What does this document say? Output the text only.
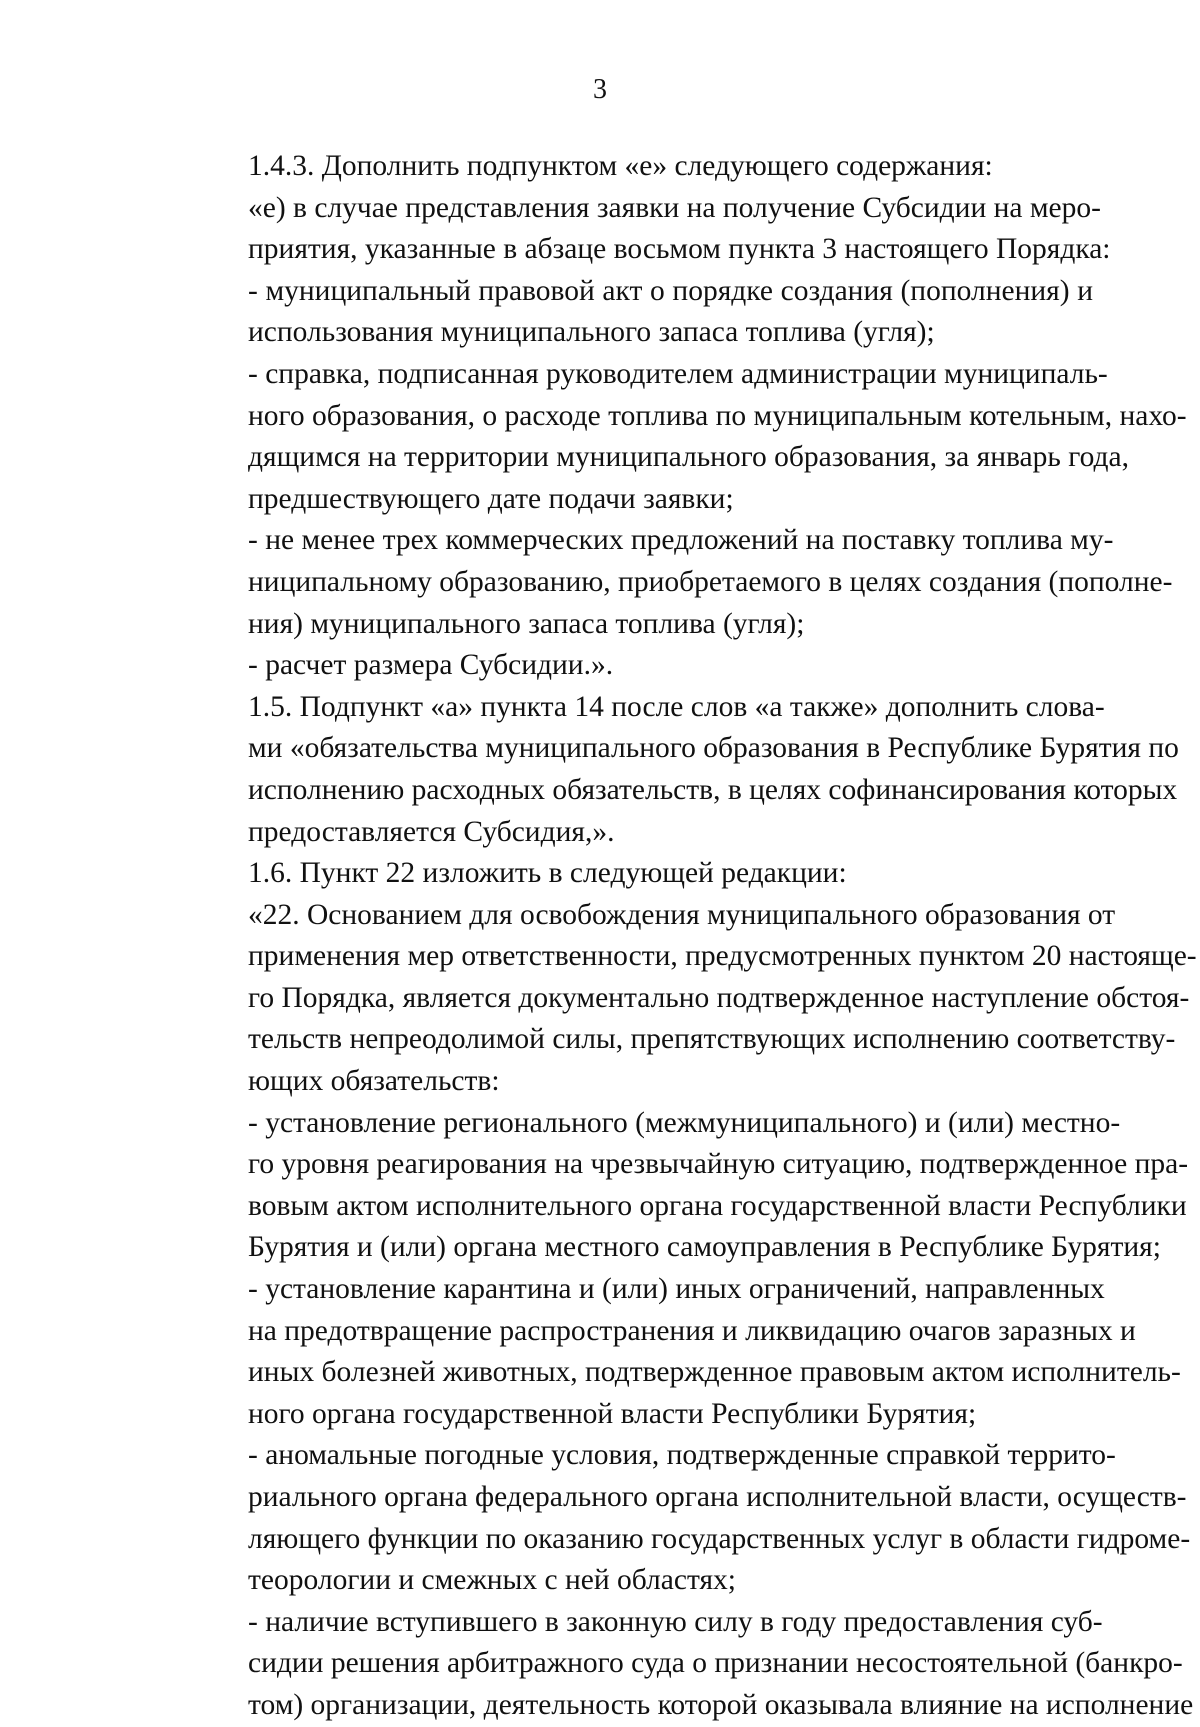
3

1.4.3. Дополнить подпунктом «е» следующего содержания:

«е) в случае представления заявки на получение Субсидии на меро-
приятия, указанные в абзаце восьмом пункта 3 настоящего Порядка:

- муниципальный правовой акт о порядке создания (пополнения) и
использования муниципального запаса топлива (угля);

- справка, подписанная руководителем администрации муниципаль-
ного образования, о расходе топлива по муниципальным котельным, нахо-
дящимся на территории муниципального образования, за январь года,
предшествующего дате подачи заявки;

- не менее трех коммерческих предложений на поставку топлива му-
ниципальному образованию, приобретаемого в целях создания (пополне-
ния) муниципального запаса топлива (угля);

- расчет размера Субсидии.».

1.5. Подпункт «а» пункта 14 после слов «а также» дополнить слова-
ми «обязательства муниципального образования в Республике Бурятия по
исполнению расходных обязательств, в целях софинансирования которых
предоставляется Субсидия,».

1.6. Пункт 22 изложить в следующей редакции:

«22. Основанием для освобождения муниципального образования от
применения мер ответственности, предусмотренных пунктом 20 настояще-
го Порядка, является документально подтвержденное наступление обстоя-
тельств непреодолимой силы, препятствующих исполнению соответству-
ющих обязательств:

- установление регионального (межмуниципального) и (или) местно-
го уровня реагирования на чрезвычайную ситуацию, подтвержденное пра-
вовым актом исполнительного органа государственной власти Республики
Бурятия и (или) органа местного самоуправления в Республике Бурятия;

- установление карантина и (или) иных ограничений, направленных
на предотвращение распространения и ликвидацию очагов заразных и
иных болезней животных, подтвержденное правовым актом исполнитель-
ного органа государственной власти Республики Бурятия;

- аномальные погодные условия, подтвержденные справкой террито-
риального органа федерального органа исполнительной власти, осуществ-
ляющего функции по оказанию государственных услуг в области гидроме-
теорологии и смежных с ней областях;

- наличие вступившего в законную силу в году предоставления суб-
сидии решения арбитражного суда о признании несостоятельной (банкро-
том) организации, деятельность которой оказывала влияние на исполнение
